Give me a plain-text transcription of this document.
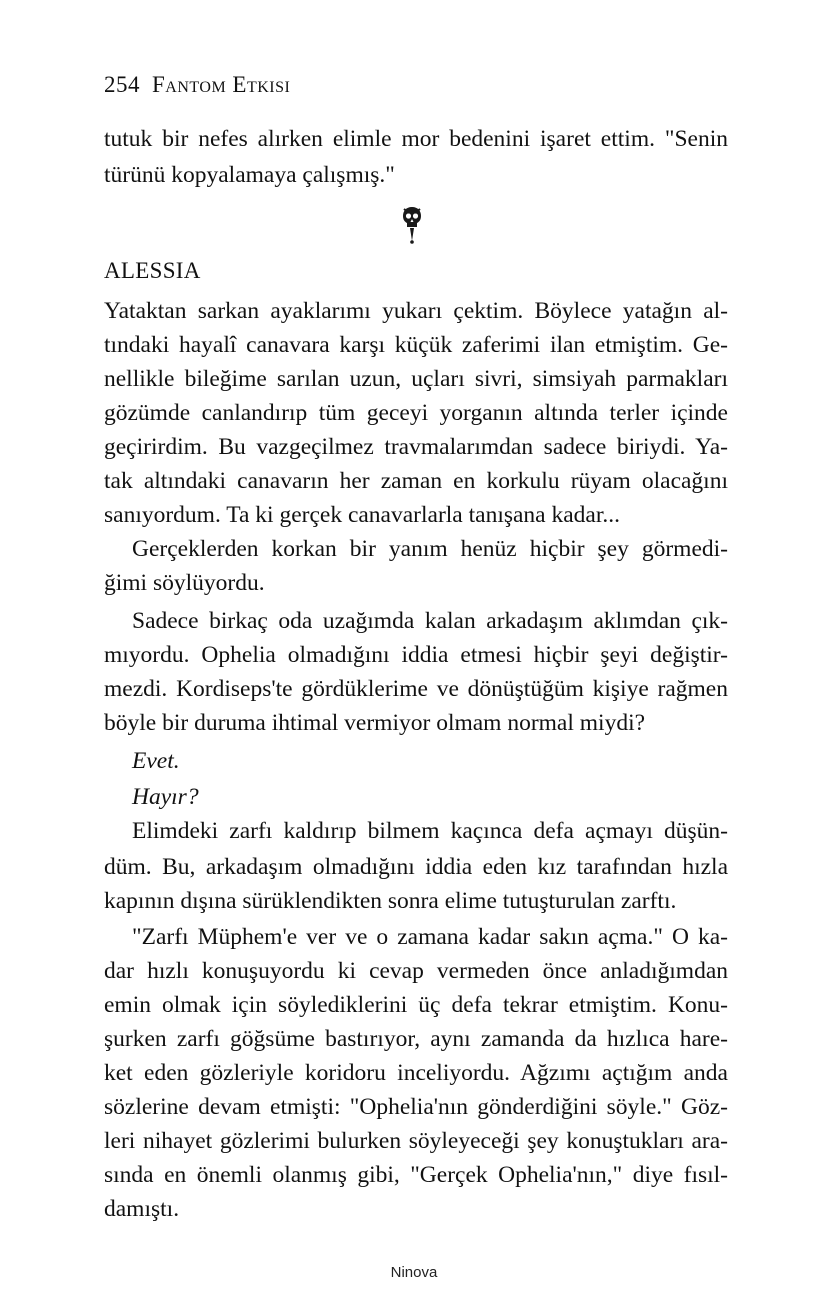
254 Fantom Etkisi
tutuk bir nefes alırken elimle mor bedenini işaret ettim. "Senin
türünü kopyalamaya çalışmış."
ALESSIA
Yataktan sarkan ayaklarımı yukarı çektim. Böylece yatağın al-
tındaki hayalî canavara karşı küçük zaferimi ilan etmiştim. Ge-
nellikle bileğime sarılan uzun, uçları sivri, simsiyah parmakları
gözümde canlandırıp tüm geceyi yorganın altında terler içinde
geçirirdim. Bu vazgeçilmez travmalarımdan sadece biriydi. Ya-
tak altındaki canavarın her zaman en korkulu rüyam olacağını
sanıyordum. Ta ki gerçek canavarlarla tanışana kadar...
Gerçeklerden korkan bir yanım henüz hiçbir şey görmedi-
ğimi söylüyordu.
Sadece birkaç oda uzağımda kalan arkadaşım aklımdan çık-
mıyordu. Ophelia olmadığını iddia etmesi hiçbir şeyi değiştir-
mezdi. Kordiseps'te gördüklerime ve dönüştüğüm kişiye rağmen
böyle bir duruma ihtimal vermiyor olmam normal miydi?
Evet.
Hayır?
Elimdeki zarfı kaldırıp bilmem kaçınca defa açmayı düşün-
düm. Bu, arkadaşım olmadığını iddia eden kız tarafından hızla
kapının dışına sürüklendikten sonra elime tutuşturulan zarftı.
"Zarfı Müphem'e ver ve o zamana kadar sakın açma." O ka-
dar hızlı konuşuyordu ki cevap vermeden önce anladığımdan
emin olmak için söylediklerini üç defa tekrar etmiştim. Konu-
şurken zarfı göğsüme bastırıyor, aynı zamanda da hızlıca hare-
ket eden gözleriyle koridoru inceliyordu. Ağzımı açtığım anda
sözlerine devam etmişti: "Ophelia'nın gönderdiğini söyle." Göz-
leri nihayet gözlerimi bulurken söyleyeceği şey konuştukları ara-
sında en önemli olanmış gibi, "Gerçek Ophelia'nın," diye fısıl-
damıştı.
Ninova
